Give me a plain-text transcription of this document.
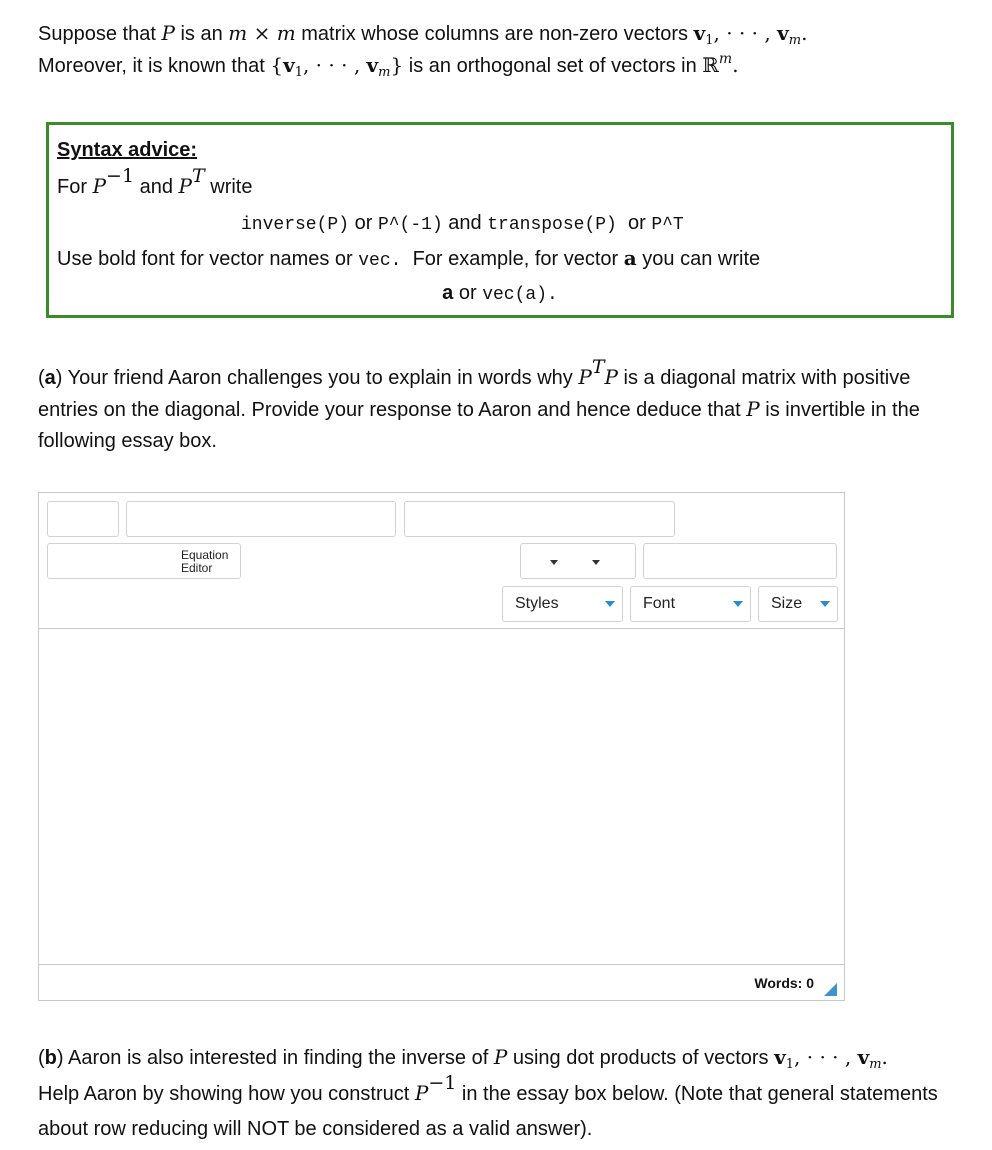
Suppose that P is an m × m matrix whose columns are non-zero vectors $v_1$, · · · , $v_m$.
Moreover, it is known that {$v_1$, · · · , $v_m$} is an orthogonal set of vectors in ℝ$^m$.
Syntax advice:
For P−1 and PT write
inverse(P) or P^(-1) and transpose(P)  or P^T
Use bold font for vector names or vec.  For example, for vector a you can write
a or vec(a).
(a) Your friend Aaron challenges you to explain in words why $P^TP$ is a diagonal matrix with positive entries on the diagonal. Provide your response to Aaron and hence deduce that P is invertible in the following essay box.
Equation
Editor
Styles	Font	Size
Words: 0
(b) Aaron is also interested in finding the inverse of P using dot products of vectors $v_1$, · · · , $v_m$.
Help Aaron by showing how you construct $P^{-1}$ in the essay box below. (Note that general statements about row reducing will NOT be considered as a valid answer).
